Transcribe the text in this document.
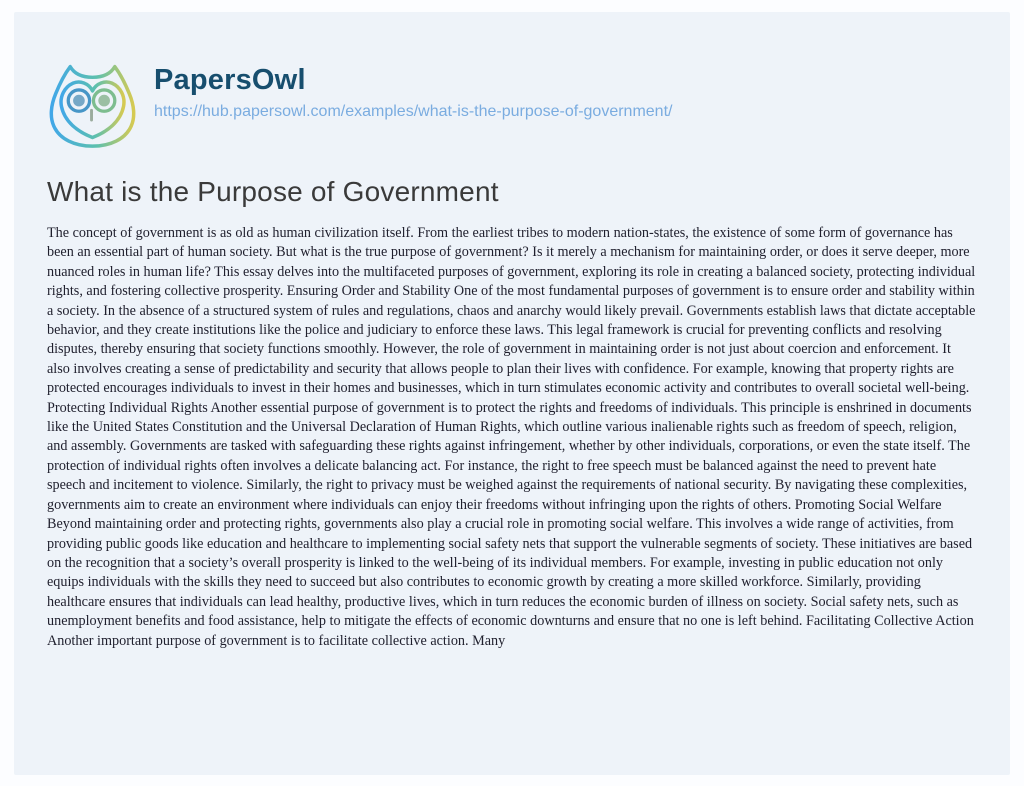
PapersOwl
https://hub.papersowl.com/examples/what-is-the-purpose-of-government/
What is the Purpose of Government

The concept of government is as old as human civilization itself. From the earliest tribes to modern nation-states, the existence of some form of governance has been an essential part of human society. But what is the true purpose of government? Is it merely a mechanism for maintaining order, or does it serve deeper, more nuanced roles in human life? This essay delves into the multifaceted purposes of government, exploring its role in creating a balanced society, protecting individual rights, and fostering collective prosperity. Ensuring Order and Stability One of the most fundamental purposes of government is to ensure order and stability within a society. In the absence of a structured system of rules and regulations, chaos and anarchy would likely prevail. Governments establish laws that dictate acceptable behavior, and they create institutions like the police and judiciary to enforce these laws. This legal framework is crucial for preventing conflicts and resolving disputes, thereby ensuring that society functions smoothly. However, the role of government in maintaining order is not just about coercion and enforcement. It also involves creating a sense of predictability and security that allows people to plan their lives with confidence. For example, knowing that property rights are protected encourages individuals to invest in their homes and businesses, which in turn stimulates economic activity and contributes to overall societal well-being. Protecting Individual Rights Another essential purpose of government is to protect the rights and freedoms of individuals. This principle is enshrined in documents like the United States Constitution and the Universal Declaration of Human Rights, which outline various inalienable rights such as freedom of speech, religion, and assembly. Governments are tasked with safeguarding these rights against infringement, whether by other individuals, corporations, or even the state itself. The protection of individual rights often involves a delicate balancing act. For instance, the right to free speech must be balanced against the need to prevent hate speech and incitement to violence. Similarly, the right to privacy must be weighed against the requirements of national security. By navigating these complexities, governments aim to create an environment where individuals can enjoy their freedoms without infringing upon the rights of others. Promoting Social Welfare Beyond maintaining order and protecting rights, governments also play a crucial role in promoting social welfare. This involves a wide range of activities, from providing public goods like education and healthcare to implementing social safety nets that support the vulnerable segments of society. These initiatives are based on the recognition that a society’s overall prosperity is linked to the well-being of its individual members. For example, investing in public education not only equips individuals with the skills they need to succeed but also contributes to economic growth by creating a more skilled workforce. Similarly, providing healthcare ensures that individuals can lead healthy, productive lives, which in turn reduces the economic burden of illness on society. Social safety nets, such as unemployment benefits and food assistance, help to mitigate the effects of economic downturns and ensure that no one is left behind. Facilitating Collective Action Another important purpose of government is to facilitate collective action. Many
